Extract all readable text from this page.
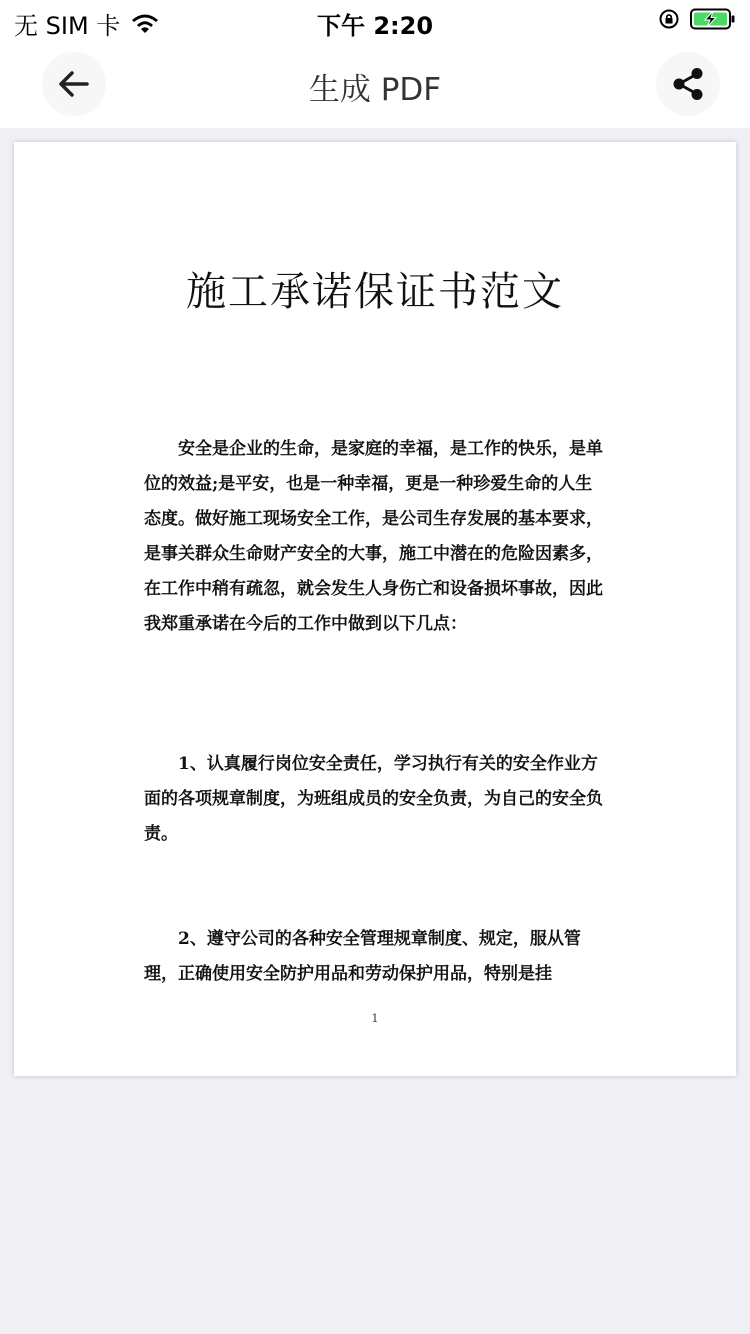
无 SIM 卡	下午 2:20
生成 PDF
施工承诺保证书范文

安全是企业的生命，是家庭的幸福，是工作的快乐，是单位的效益;是平安，也是一种幸福，更是一种珍爱生命的人生态度。做好施工现场安全工作，是公司生存发展的基本要求，是事关群众生命财产安全的大事，施工中潜在的危险因素多，在工作中稍有疏忽，就会发生人身伤亡和设备损坏事故，因此我郑重承诺在今后的工作中做到以下几点：

1、认真履行岗位安全责任，学习执行有关的安全作业方面的各项规章制度，为班组成员的安全负责，为自己的安全负责。

2、遵守公司的各种安全管理规章制度、规定，服从管理，正确使用安全防护用品和劳动保护用品，特别是挂

1
